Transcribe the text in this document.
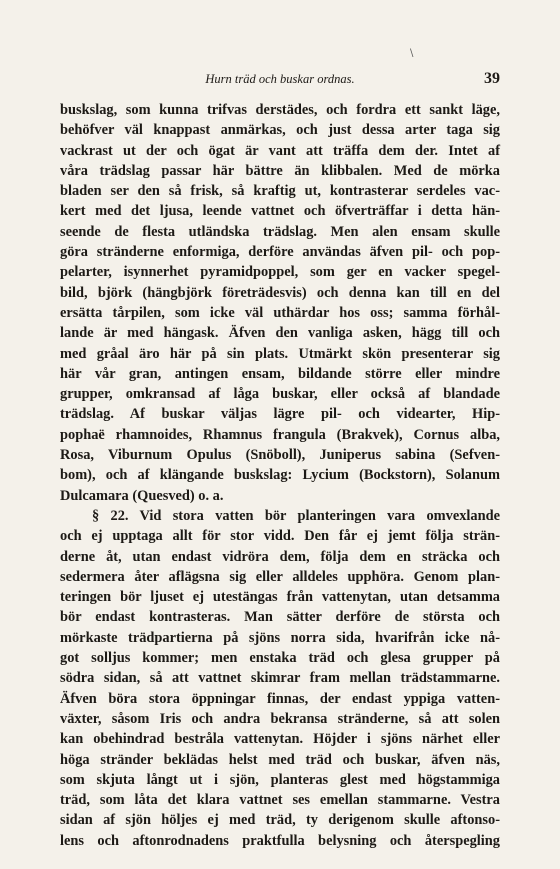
\
Hurn träd och buskar ordnas.	39
buskslag, som kunna trifvas derstädes, och fordra ett sankt läge,
behöfver väl knappast anmärkas, och just dessa arter taga sig
vackrast ut der och ögat är vant att träffa dem der. Intet af
våra trädslag passar här bättre än klibbalen. Med de mörka
bladen ser den så frisk, så kraftig ut, kontrasterar serdeles vac-
kert med det ljusa, leende vattnet och öfverträffar i detta hän-
seende de flesta utländska trädslag. Men alen ensam skulle
göra stränderne enformiga, derföre användas äfven pil- och pop-
pelarter, isynnerhet pyramidpoppel, som ger en vacker spegel-
bild, björk (hängbjörk företrädesvis) och denna kan till en del
ersätta tårpilen, som icke väl uthärdar hos oss; samma förhål-
lande är med hängask. Äfven den vanliga asken, hägg till och
med gråal äro här på sin plats. Utmärkt skön presenterar sig
här vår gran, antingen ensam, bildande större eller mindre
grupper, omkransad af låga buskar, eller också af blandade
trädslag. Af buskar väljas lägre pil- och videarter, Hip-
pophaë rhamnoides, Rhamnus frangula (Brakvek), Cornus alba,
Rosa, Viburnum Opulus (Snöboll), Juniperus sabina (Sefven-
bom), och af klängande buskslag: Lycium (Bockstorn), Solanum
Dulcamara (Quesved) o. a.
§ 22. Vid stora vatten bör planteringen vara omvexlande
och ej upptaga allt för stor vidd. Den får ej jemt följa strän-
derne åt, utan endast vidröra dem, följa dem en sträcka och
sedermera åter aflägsna sig eller alldeles upphöra. Genom plan-
teringen bör ljuset ej utestängas från vattenytan, utan detsamma
bör endast kontrasteras. Man sätter derföre de största och
mörkaste trädpartierna på sjöns norra sida, hvarifrån icke nå-
got solljus kommer; men enstaka träd och glesa grupper på
södra sidan, så att vattnet skimrar fram mellan trädstammarne.
Äfven böra stora öppningar finnas, der endast yppiga vatten-
växter, såsom Iris och andra bekransa stränderne, så att solen
kan obehindrad bestråla vattenytan. Höjder i sjöns närhet eller
höga stränder beklädas helst med träd och buskar, äfven näs,
som skjuta långt ut i sjön, planteras glest med högstammiga
träd, som låta det klara vattnet ses emellan stammarne. Vestra
sidan af sjön höljes ej med träd, ty derigenom skulle aftonso-
lens och aftonrodnadens praktfulla belysning och återspegling
